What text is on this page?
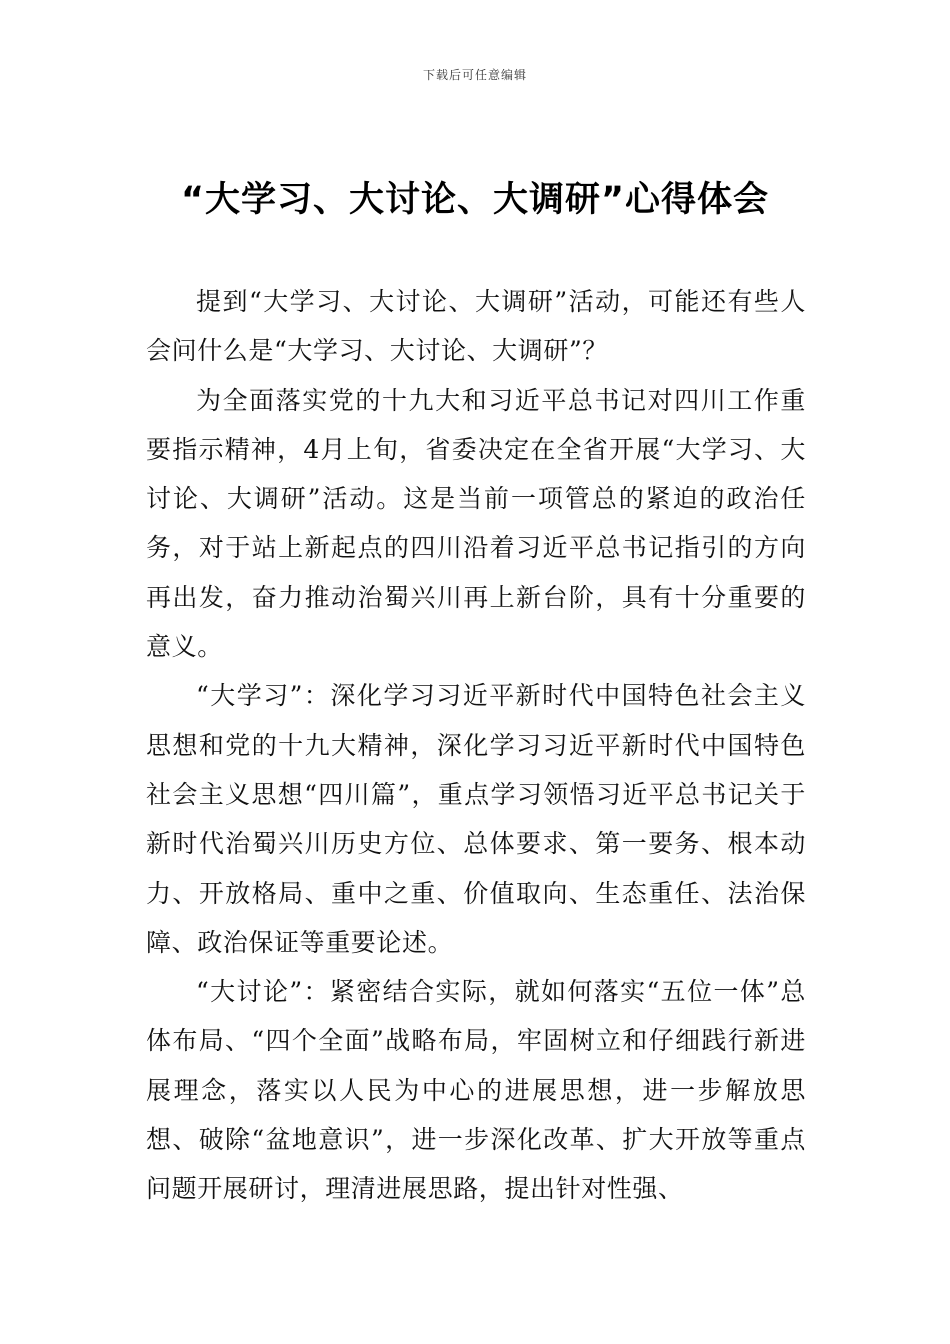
下载后可任意编辑
“大学习、大讨论、大调研”心得体会

提到“大学习、大讨论、大调研”活动，可能还有些人会问什么是“大学习、大讨论、大调研”？

为全面落实党的十九大和习近平总书记对四川工作重要指示精神，4月上旬，省委决定在全省开展“大学习、大讨论、大调研”活动。这是当前一项管总的紧迫的政治任务，对于站上新起点的四川沿着习近平总书记指引的方向再出发，奋力推动治蜀兴川再上新台阶，具有十分重要的意义。

“大学习”：深化学习习近平新时代中国特色社会主义思想和党的十九大精神，深化学习习近平新时代中国特色社会主义思想“四川篇”，重点学习领悟习近平总书记关于新时代治蜀兴川历史方位、总体要求、第一要务、根本动力、开放格局、重中之重、价值取向、生态重任、法治保障、政治保证等重要论述。

“大讨论”：紧密结合实际，就如何落实“五位一体”总体布局、“四个全面”战略布局，牢固树立和仔细践行新进展理念，落实以人民为中心的进展思想，进一步解放思想、破除“盆地意识”，进一步深化改革、扩大开放等重点问题开展研讨，理清进展思路，提出针对性强、
